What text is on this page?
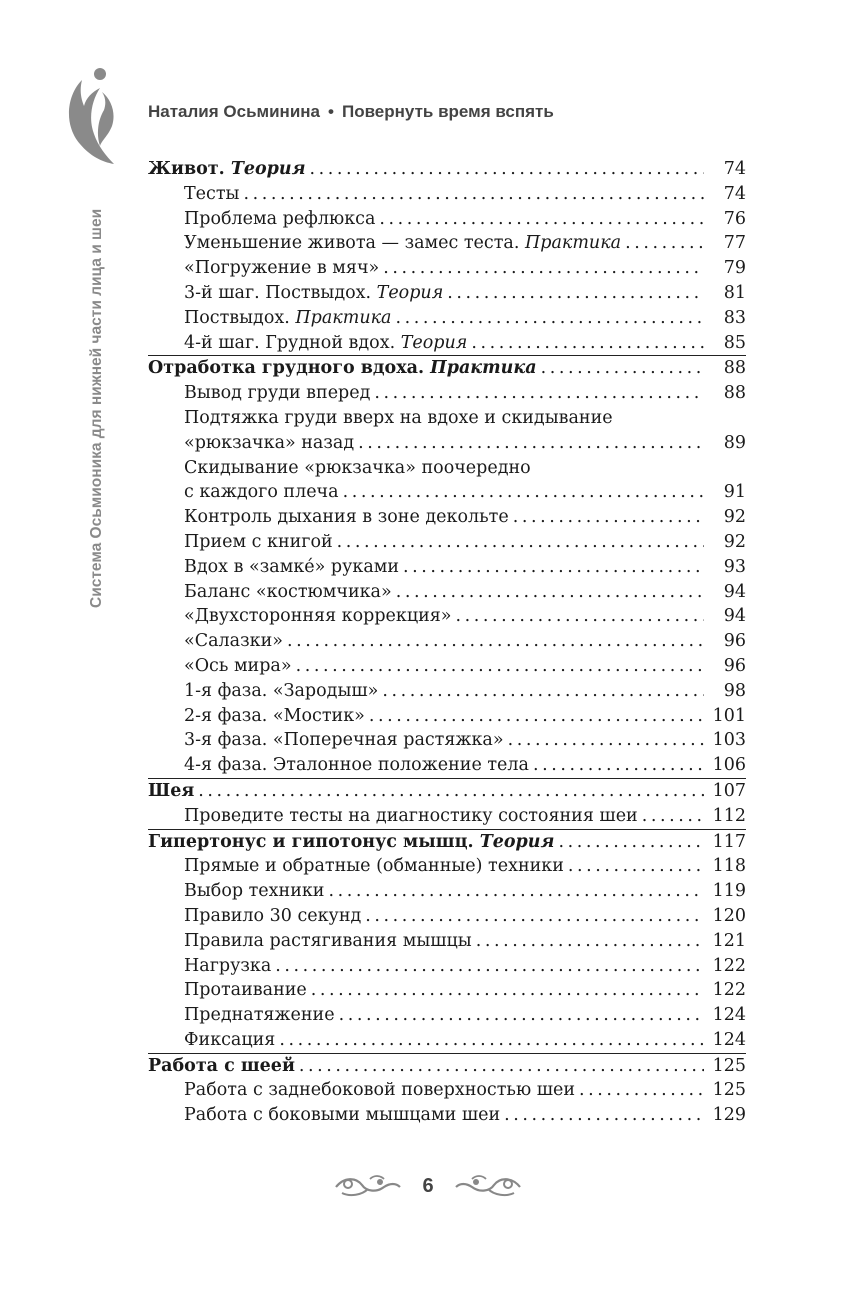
Наталия Осьминина • Повернуть время вспять
Система Осьмионика для нижней части лица и шеи
Живот. Теория . . .	74
Тесты . . .	74
Проблема рефлюкса . . .	76
Уменьшение живота — замес теста. Практика . . .	77
«Погружение в мяч» . . .	79
3-й шаг. Поствыдох. Теория . . .	81
Поствыдох. Практика . . .	83
4-й шаг. Грудной вдох. Теория . . .	85
Отработка грудного вдоха. Практика . . .	88
Вывод груди вперед . . .	88
Подтяжка груди вверх на вдохе и скидывание
«рюкзачка» назад . . .	89
Скидывание «рюкзачка» поочередно
с каждого плеча . . .	91
Контроль дыхания в зоне декольте . . .	92
Прием с книгой . . .	92
Вдох в «замке́» руками . . .	93
Баланс «костюмчика» . . .	94
«Двухсторонняя коррекция» . . .	94
«Салазки» . . .	96
«Ось мира» . . .	96
1-я фаза. «Зародыш» . . .	98
2-я фаза. «Мостик» . . .	101
3-я фаза. «Поперечная растяжка» . . .	103
4-я фаза. Эталонное положение тела . . .	106
Шея . . .	107
Проведите тесты на диагностику состояния шеи . . .	112
Гипертонус и гипотонус мышц. Теория . . .	117
Прямые и обратные (обманные) техники . . .	118
Выбор техники . . .	119
Правило 30 секунд . . .	120
Правила растягивания мышцы . . .	121
Нагрузка . . .	122
Протаивание . . .	122
Преднатяжение . . .	124
Фиксация . . .	124
Работа с шеей . . .	125
Работа с заднебоковой поверхностью шеи . . .	125
Работа с боковыми мышцами шеи . . .	129
6
